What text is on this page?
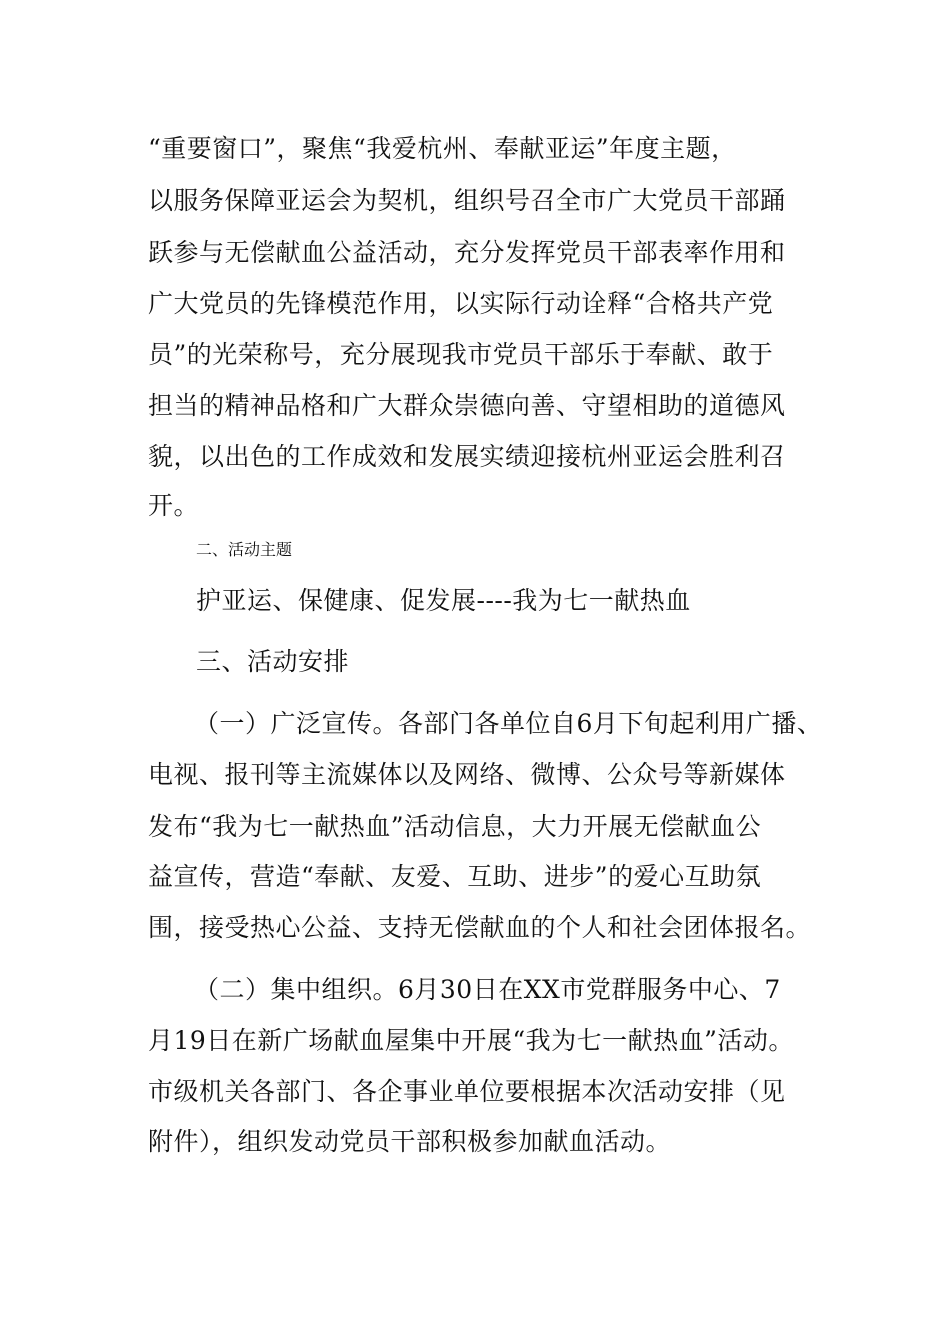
“重要窗口”，聚焦“我爱杭州、奉献亚运”年度主题，
以服务保障亚运会为契机，组织号召全市广大党员干部踊
跃参与无偿献血公益活动，充分发挥党员干部表率作用和
广大党员的先锋模范作用，以实际行动诠释“合格共产党
员”的光荣称号，充分展现我市党员干部乐于奉献、敢于
担当的精神品格和广大群众崇德向善、守望相助的道德风
貌，以出色的工作成效和发展实绩迎接杭州亚运会胜利召
开。
二、活动主题
护亚运、保健康、促发展----我为七一献热血
三、活动安排
（一）广泛宣传。各部门各单位自6月下旬起利用广播、
电视、报刊等主流媒体以及网络、微博、公众号等新媒体
发布“我为七一献热血”活动信息，大力开展无偿献血公
益宣传，营造“奉献、友爱、互助、进步”的爱心互助氛
围，接受热心公益、支持无偿献血的个人和社会团体报名。
（二）集中组织。6月30日在XX市党群服务中心、7
月19日在新广场献血屋集中开展“我为七一献热血”活动。
市级机关各部门、各企事业单位要根据本次活动安排（见
附件），组织发动党员干部积极参加献血活动。
